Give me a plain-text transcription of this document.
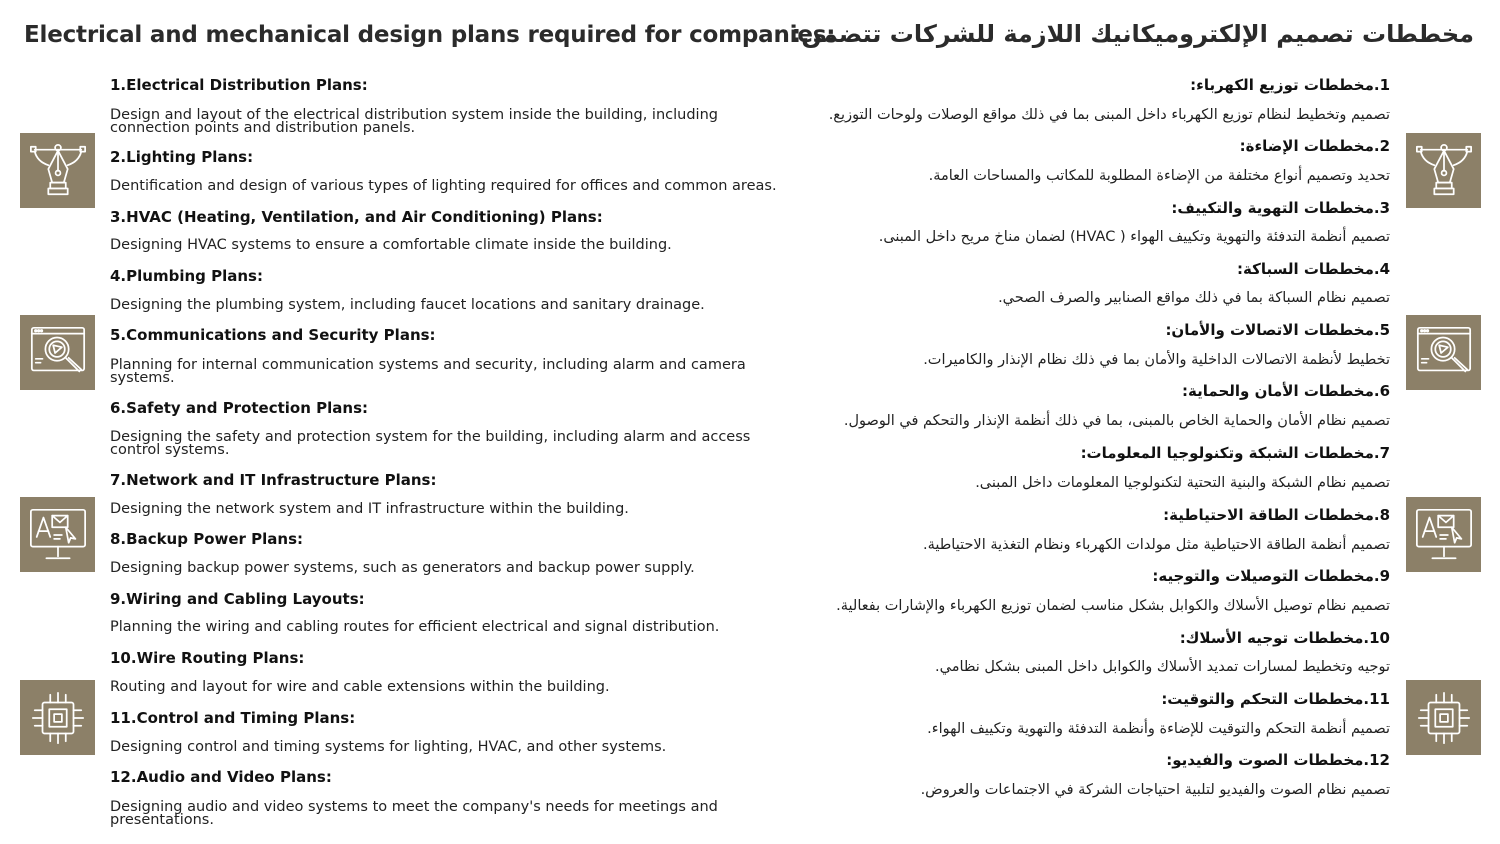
Electrical and mechanical design plans required for companies:
مخططات تصميم الإلكتروميكانيك اللازمة للشركات تتضمن:
1.Electrical Distribution Plans:
Design and layout of the electrical distribution system inside the building, including connection points and distribution panels.
2.Lighting Plans:
Dentification and design of various types of lighting required for offices and common areas.
3.HVAC (Heating, Ventilation, and Air Conditioning) Plans:
Designing HVAC systems to ensure a comfortable climate inside the building.
4.Plumbing Plans:
Designing the plumbing system, including faucet locations and sanitary drainage.
5.Communications and Security Plans:
Planning for internal communication systems and security, including alarm and camera systems.
6.Safety and Protection Plans:
Designing the safety and protection system for the building, including alarm and access control systems.
7.Network and IT Infrastructure Plans:
Designing the network system and IT infrastructure within the building.
8.Backup Power Plans:
Designing backup power systems, such as generators and backup power supply.
9.Wiring and Cabling Layouts:
Planning the wiring and cabling routes for efficient electrical and signal distribution.
10.Wire Routing Plans:
Routing and layout for wire and cable extensions within the building.
11.Control and Timing Plans:
Designing control and timing systems for lighting, HVAC, and other systems.
12.Audio and Video Plans:
Designing audio and video systems to meet the company's needs for meetings and presentations.
1.مخططات توزيع الكهرباء:
تصميم وتخطيط لنظام توزيع الكهرباء داخل المبنى بما في ذلك مواقع الوصلات ولوحات التوزيع.
2.مخططات الإضاءة:
تحديد وتصميم أنواع مختلفة من الإضاءة المطلوبة للمكاتب والمساحات العامة.
3.مخططات التهوية والتكييف:
تصميم أنظمة التدفئة والتهوية وتكييف الهواء ( HVAC) لضمان مناخ مريح داخل المبنى.
4.مخططات السباكة:
تصميم نظام السباكة بما في ذلك مواقع الصنابير والصرف الصحي.
5.مخططات الاتصالات والأمان:
تخطيط لأنظمة الاتصالات الداخلية والأمان بما في ذلك نظام الإنذار والكاميرات.
6.مخططات الأمان والحماية:
تصميم نظام الأمان والحماية الخاص بالمبنى، بما في ذلك أنظمة الإنذار والتحكم في الوصول.
7.مخططات الشبكة وتكنولوجيا المعلومات:
تصميم نظام الشبكة والبنية التحتية لتكنولوجيا المعلومات داخل المبنى.
8.مخططات الطاقة الاحتياطية:
تصميم أنظمة الطاقة الاحتياطية مثل مولدات الكهرباء ونظام التغذية الاحتياطية.
9.مخططات التوصيلات والتوجيه:
تصميم نظام توصيل الأسلاك والكوابل بشكل مناسب لضمان توزيع الكهرباء والإشارات بفعالية.
10.مخططات توجيه الأسلاك:
توجيه وتخطيط لمسارات تمديد الأسلاك والكوابل داخل المبنى بشكل نظامي.
11.مخططات التحكم والتوقيت:
تصميم أنظمة التحكم والتوقيت للإضاءة وأنظمة التدفئة والتهوية وتكييف الهواء.
12.مخططات الصوت والفيديو:
تصميم نظام الصوت والفيديو لتلبية احتياجات الشركة في الاجتماعات والعروض.
